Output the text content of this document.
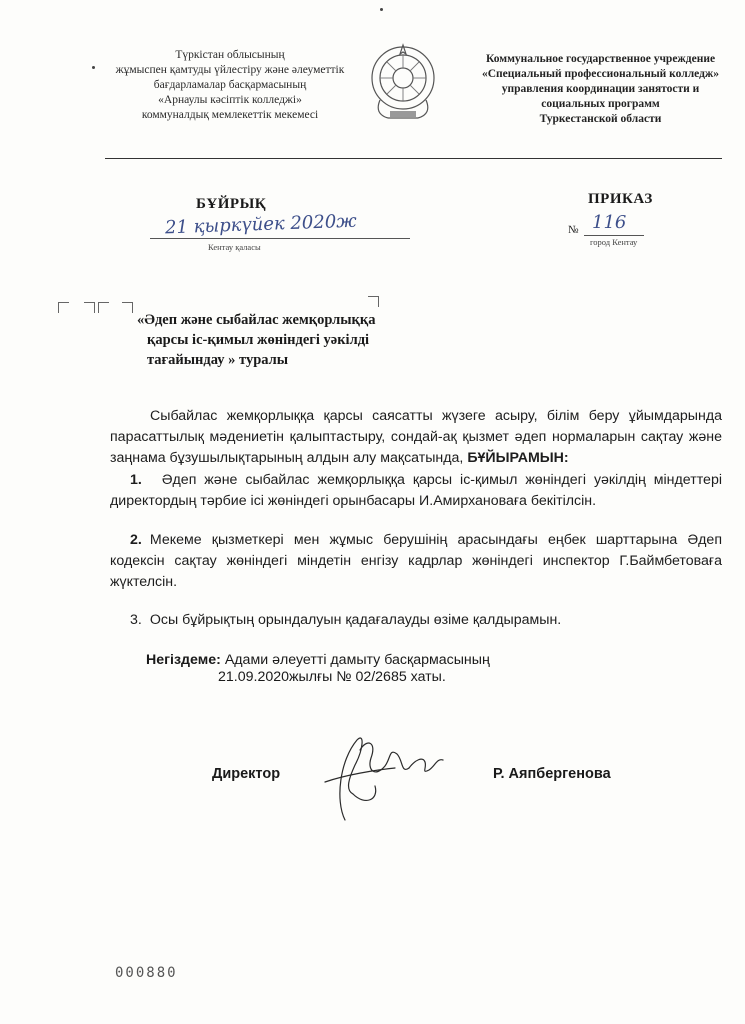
Түркістан облысының
жұмыспен қамтуды үйлестіру және әлеуметтік
бағдарламалар басқармасының
«Арнаулы кәсіптік колледжі»
коммуналдық мемлекеттік мекемесі
Коммунальное государственное учреждение
«Специальный профессиональный колледж»
управления координации занятости и
социальных программ
Туркестанской области
БҰЙРЫҚ	ПРИКАЗ
21 қыркүйек 2020ж
Кентау қаласы
№ 116
город Кентау
«Әдеп және сыбайлас жемқорлыққа
қарсы іс-қимыл жөніндегі уәкілді
тағайындау » туралы
Сыбайлас жемқорлыққа қарсы саясатты жүзеге асыру, білім беру ұйымдарында парасаттылық мәдениетін қалыптастыру, сондай-ақ қызмет әдеп нормаларын сақтау және заңнама бұзушылықтарының алдын алу мақсатында, БҰЙЫРАМЫН:
1. Әдеп және сыбайлас жемқорлыққа қарсы іс-қимыл жөніндегі уәкілдің міндеттері директордың тәрбие ісі жөніндегі орынбасары И.Амирхановаға бекітілсін.
2. Мекеме қызметкері мен жұмыс берушінің арасындағы еңбек шарттарына Әдеп кодексін сақтау жөніндегі міндетін енгізу кадрлар жөніндегі инспектор Г.Баймбетоваға жүктелсін.
3. Осы бұйрықтың орындалуын қадағалауды өзіме қалдырамын.
Негіздеме: Адами әлеуетті дамыту басқармасының
21.09.2020жылғы № 02/2685 хаты.
Директор	Р. Аяпбергенова
000880
